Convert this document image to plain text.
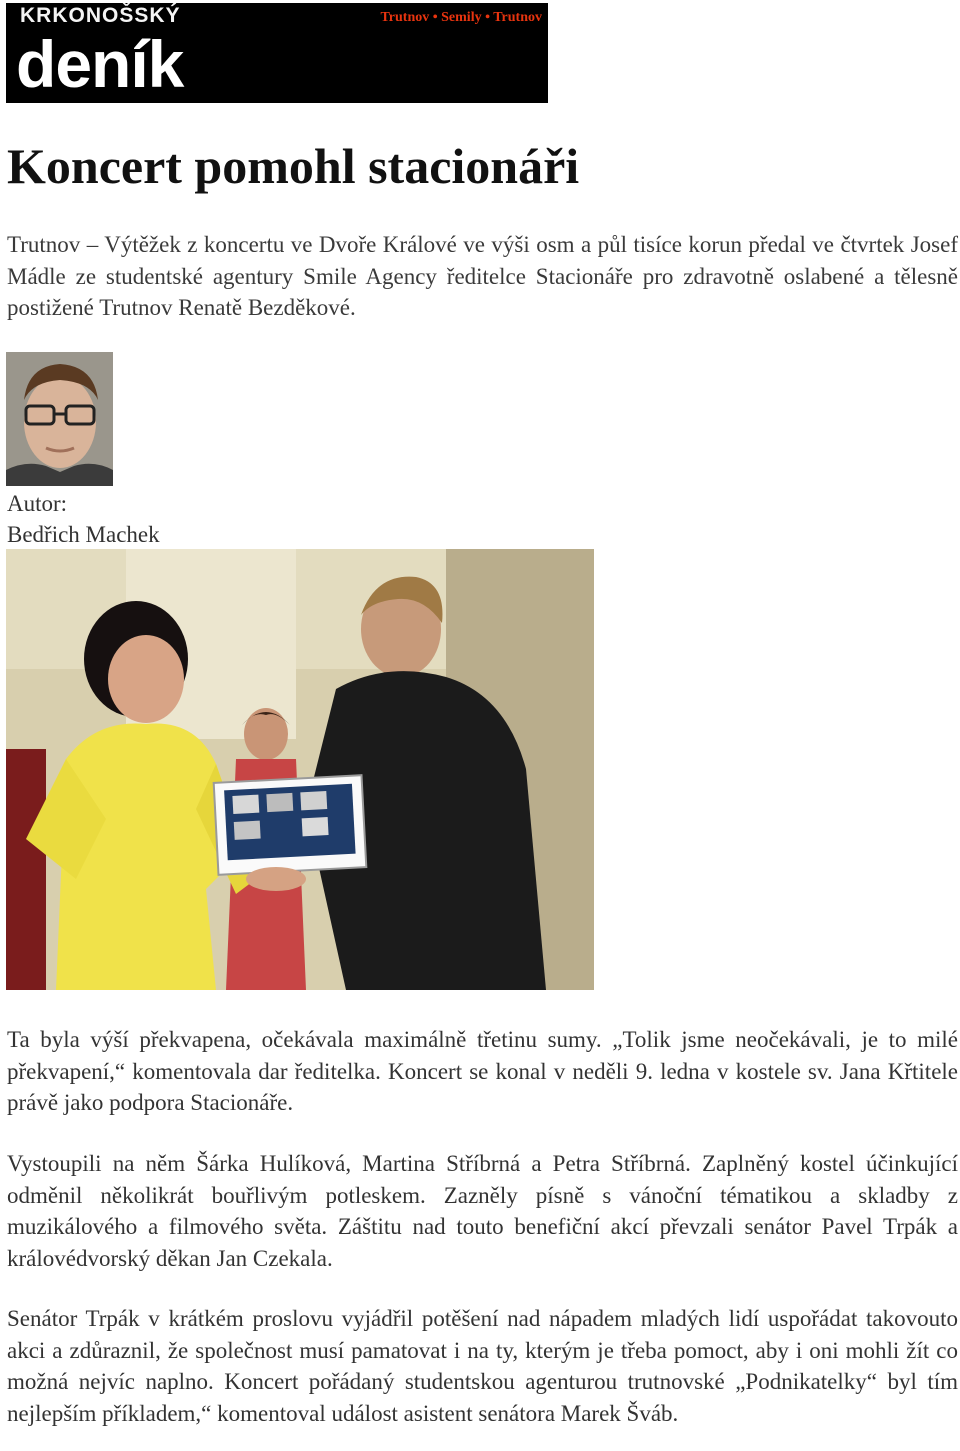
KRKONOŠSKÝ
deník
Trutnov • Semily • Trutnov
Koncert pomohl stacionáři

Trutnov – Výtěžek z koncertu ve Dvoře Králové ve výši osm a půl tisíce korun předal ve čtvrtek Josef Mádle ze studentské agentury Smile Agency ředitelce Stacionáře pro zdravotně oslabené a tělesně postižené Trutnov Renatě Bezděkové.

Autor:
Bedřich Machek

Ta byla výší překvapena, očekávala maximálně třetinu sumy. „Tolik jsme neočekávali, je to milé překvapení,“ komentovala dar ředitelka. Koncert se konal v neděli 9. ledna v kostele sv. Jana Křtitele právě jako podpora Stacionáře.

Vystoupili na něm Šárka Hulíková, Martina Stříbrná a Petra Stříbrná. Zaplněný kostel účinkující odměnil několikrát bouřlivým potleskem. Zazněly písně s vánoční tématikou a skladby z muzikálového a filmového světa. Záštitu nad touto benefiční akcí převzali senátor Pavel Trpák a královédvorský děkan Jan Czekala.

Senátor Trpák v krátkém proslovu vyjádřil potěšení nad nápadem mladých lidí uspořádat takovouto akci a zdůraznil, že společnost musí pamatovat i na ty, kterým je třeba pomoct, aby i oni mohli žít co možná nejvíc naplno. Koncert pořádaný studentskou agenturou trutnovské „Podnikatelky“ byl tím nejlepším příkladem,“ komentoval událost asistent senátora Marek Šváb.
